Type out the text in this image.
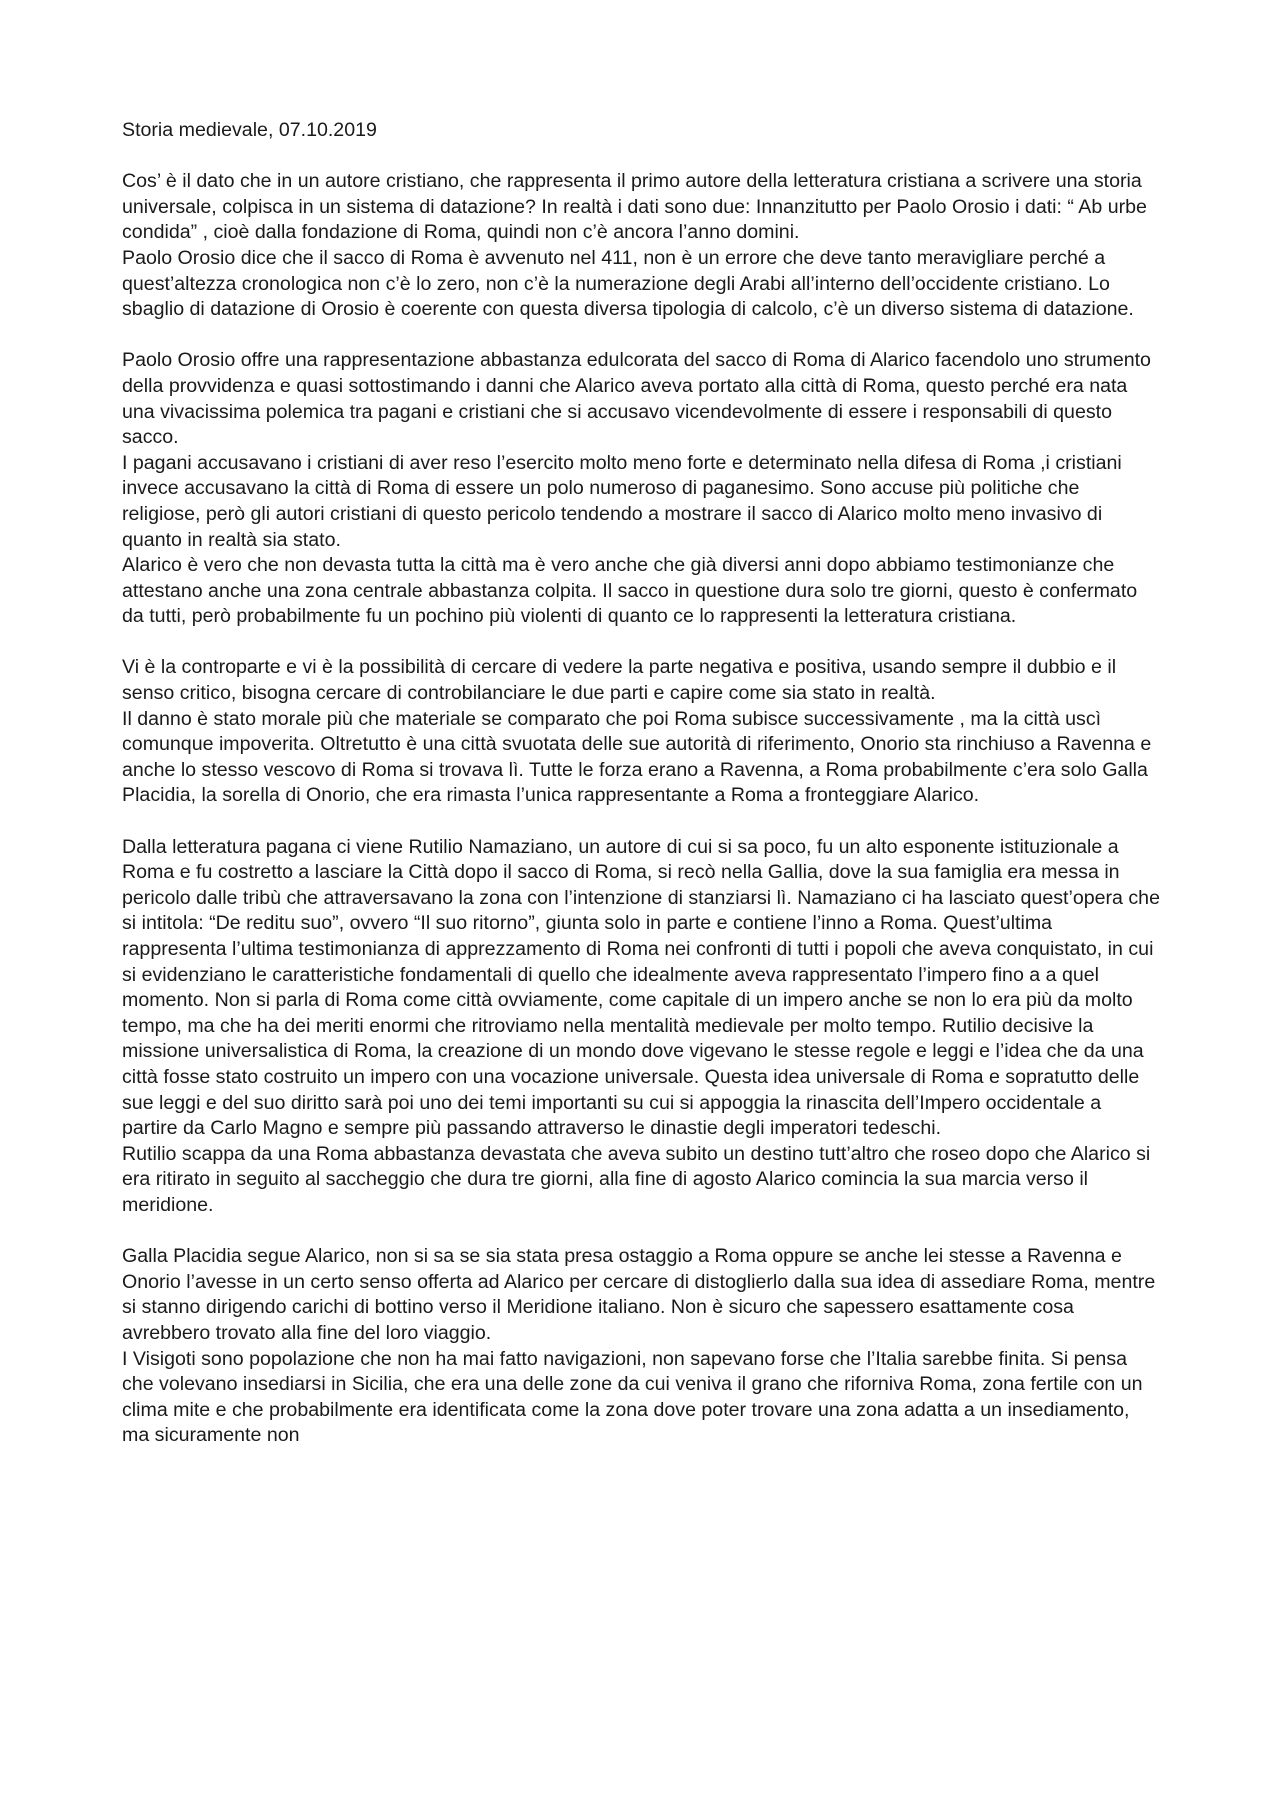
Storia medievale, 07.10.2019

Cos’ è il dato che in un autore cristiano, che rappresenta il primo autore della letteratura cristiana a scrivere una storia universale, colpisca in un sistema di datazione? In realtà i dati sono due: Innanzitutto per Paolo Orosio i dati: “ Ab urbe condida” , cioè dalla fondazione di Roma, quindi non c’è ancora l’anno domini.

Paolo Orosio dice che il sacco di Roma è avvenuto nel 411, non è un errore che deve tanto meravigliare perché a quest’altezza cronologica non c’è lo zero, non c’è la numerazione degli Arabi all’interno dell’occidente cristiano. Lo sbaglio di datazione di Orosio è coerente con questa diversa tipologia di calcolo, c’è un diverso sistema di datazione.

Paolo Orosio offre una rappresentazione abbastanza edulcorata del sacco di Roma di Alarico facendolo uno strumento della provvidenza e quasi sottostimando i danni che Alarico aveva portato alla città di Roma, questo perché era nata una vivacissima polemica tra pagani e cristiani che si accusavo vicendevolmente di essere i responsabili di questo sacco.

I pagani accusavano i cristiani di aver reso l’esercito molto meno forte e determinato nella difesa di Roma ,i cristiani invece accusavano la città di Roma di essere un polo numeroso di paganesimo. Sono accuse più politiche che religiose, però gli autori cristiani di questo pericolo tendendo a mostrare il sacco di Alarico molto meno invasivo di quanto in realtà sia stato.

Alarico è vero che non devasta tutta la città ma è vero anche che già diversi anni dopo abbiamo testimonianze che attestano anche una zona centrale abbastanza colpita. Il sacco in questione dura solo tre giorni, questo è confermato da tutti, però probabilmente fu un pochino più violenti di quanto ce lo rappresenti la letteratura cristiana.

Vi è la controparte e vi è la possibilità di cercare di vedere la parte negativa e positiva, usando sempre il dubbio e il senso critico, bisogna cercare di controbilanciare le due parti e capire come sia stato in realtà.

Il danno è stato morale più che materiale se comparato che poi Roma subisce successivamente , ma la città uscì comunque impoverita. Oltretutto è una città svuotata delle sue autorità di riferimento, Onorio sta rinchiuso a Ravenna e anche lo stesso vescovo di Roma si trovava lì. Tutte le forza erano a Ravenna, a Roma probabilmente c’era solo Galla Placidia, la sorella di Onorio, che era rimasta l’unica rappresentante a Roma a fronteggiare Alarico.

Dalla letteratura pagana ci viene Rutilio Namaziano, un autore di cui si sa poco, fu un alto esponente istituzionale a Roma e fu costretto a lasciare la Città dopo il sacco di Roma, si recò nella Gallia, dove la sua famiglia era messa in pericolo dalle tribù che attraversavano la zona con l’intenzione di stanziarsi lì. Namaziano ci ha lasciato quest’opera che si intitola: “De reditu suo”, ovvero “Il suo ritorno”, giunta solo in parte e contiene l’inno a Roma. Quest’ultima rappresenta l’ultima testimonianza di apprezzamento di Roma nei confronti di tutti i popoli che aveva conquistato, in cui si evidenziano le caratteristiche fondamentali di quello che idealmente aveva rappresentato l’impero fino a a quel momento. Non si parla di Roma come città ovviamente, come capitale di un impero anche se non lo era più da molto tempo, ma che ha dei meriti enormi che ritroviamo nella mentalità medievale per molto tempo. Rutilio decisive la missione universalistica di Roma, la creazione di un mondo dove vigevano le stesse regole e leggi e l’idea che da una città fosse stato costruito un impero con una vocazione universale. Questa idea universale di Roma e sopratutto delle sue leggi e del suo diritto sarà poi uno dei temi importanti su cui si appoggia la rinascita dell’Impero occidentale a partire da Carlo Magno e sempre più passando attraverso le dinastie degli imperatori tedeschi.

Rutilio scappa da una Roma abbastanza devastata che aveva subito un destino tutt’altro che roseo dopo che Alarico si era ritirato in seguito al saccheggio che dura tre giorni, alla fine di agosto Alarico comincia la sua marcia verso il meridione.

Galla Placidia segue Alarico, non si sa se sia stata presa ostaggio a Roma oppure se anche lei stesse a Ravenna e Onorio l’avesse in un certo senso offerta ad Alarico per cercare di distoglierlo dalla sua idea di assediare Roma, mentre si stanno dirigendo carichi di bottino verso il Meridione italiano. Non è sicuro che sapessero esattamente cosa avrebbero trovato alla fine del loro viaggio.

I Visigoti sono popolazione che non ha mai fatto navigazioni, non sapevano forse che l’Italia sarebbe finita. Si pensa che volevano insediarsi in Sicilia, che era una delle zone da cui veniva il grano che riforniva Roma, zona fertile con un clima mite e che probabilmente era identificata come la zona dove poter trovare una zona adatta a un insediamento, ma sicuramente non
